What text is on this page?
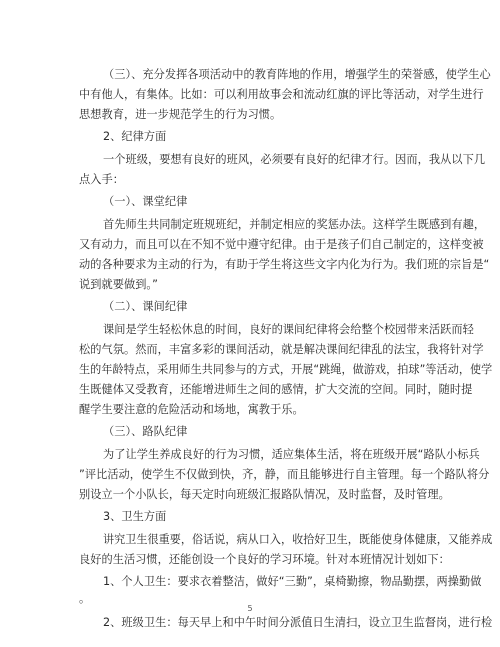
（三）、充分发挥各项活动中的教育阵地的作用，增强学生的荣誉感，使学生心
中有他人，有集体。比如：可以利用故事会和流动红旗的评比等活动，对学生进行
思想教育，进一步规范学生的行为习惯。
2、纪律方面
一个班级，要想有良好的班风，必须要有良好的纪律才行。因而，我从以下几
点入手：
（一）、课堂纪律
首先师生共同制定班规班纪，并制定相应的奖惩办法。这样学生既感到有趣，
又有动力，而且可以在不知不觉中遵守纪律。由于是孩子们自己制定的，这样变被
动的各种要求为主动的行为，有助于学生将这些文字内化为行为。我们班的宗旨是“
说到就要做到。”
（二）、课间纪律
课间是学生轻松休息的时间，良好的课间纪律将会给整个校园带来活跃而轻
松的气氛。然而，丰富多彩的课间活动，就是解决课间纪律乱的法宝，我将针对学
生的年龄特点，采用师生共同参与的方式，开展“跳绳，做游戏，拍球”等活动，使学
生既健体又受教育，还能增进师生之间的感情，扩大交流的空间。同时，随时提
醒学生要注意的危险活动和场地，寓教于乐。
（三）、路队纪律
为了让学生养成良好的行为习惯，适应集体生活，将在班级开展“路队小标兵
”评比活动，使学生不仅做到快，齐，静，而且能够进行自主管理。每一个路队将分
别设立一个小队长，每天定时向班级汇报路队情况，及时监督，及时管理。
3、卫生方面
讲究卫生很重要，俗话说，病从口入，收拾好卫生，既能使身体健康，又能养成
良好的生活习惯，还能创设一个良好的学习环境。针对本班情况计划如下：
1、个人卫生：要求衣着整洁，做好“三勤”，桌椅勤擦，物品勤摆，两操勤做
。
2、班级卫生：每天早上和中午时间分派值日生清扫，设立卫生监督岗，进行检
5
